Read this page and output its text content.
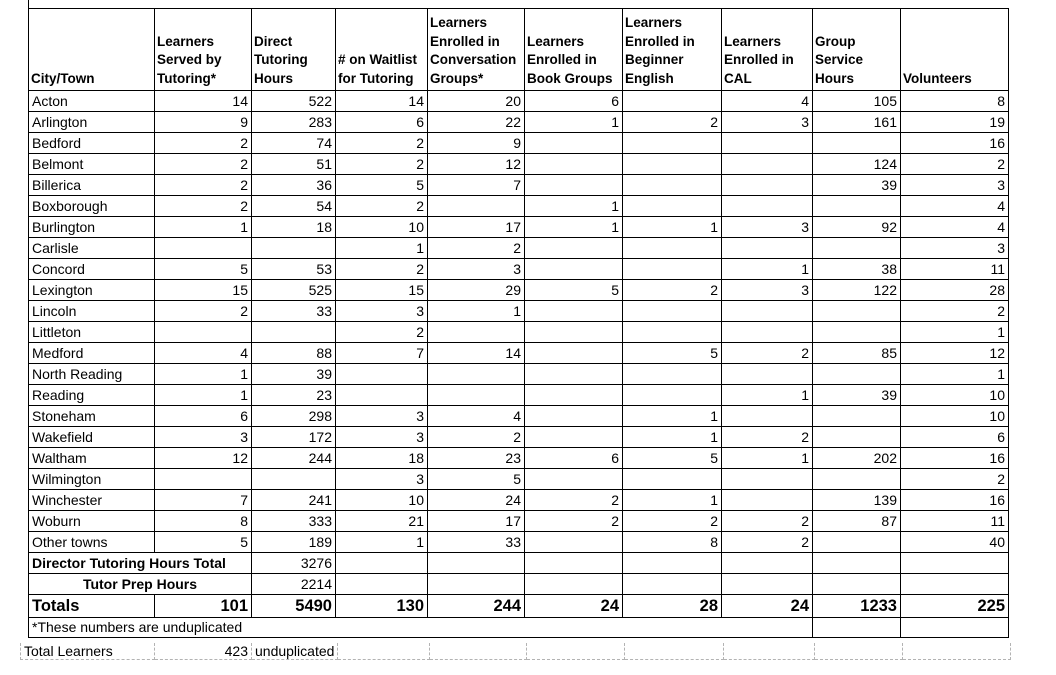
City/Town	Learners Served by Tutoring*	Direct Tutoring Hours	# on Waitlist for Tutoring	Learners Enrolled in Conversation Groups*	Learners Enrolled in Book Groups	Learners Enrolled in Beginner English	Learners Enrolled in CAL	Group Service Hours	Volunteers
Acton	14	522	14	20	6		4	105	8
Arlington	9	283	6	22	1	2	3	161	19
Bedford	2	74	2	9					16
Belmont	2	51	2	12				124	2
Billerica	2	36	5	7				39	3
Boxborough	2	54	2		1				4
Burlington	1	18	10	17	1	1	3	92	4
Carlisle			1	2					3
Concord	5	53	2	3			1	38	11
Lexington	15	525	15	29	5	2	3	122	28
Lincoln	2	33	3	1					2
Littleton			2						1
Medford	4	88	7	14		5	2	85	12
North Reading	1	39							1
Reading	1	23					1	39	10
Stoneham	6	298	3	4		1			10
Wakefield	3	172	3	2		1	2		6
Waltham	12	244	18	23	6	5	1	202	16
Wilmington			3	5					2
Winchester	7	241	10	24	2	1		139	16
Woburn	8	333	21	17	2	2	2	87	11
Other towns	5	189	1	33		8	2		40
Director Tutoring Hours Total		3276							
Tutor Prep Hours		2214							
Totals	101	5490	130	244	24	28	24	1233	225
*These numbers are unduplicated									
Total Learners	423	unduplicated							
